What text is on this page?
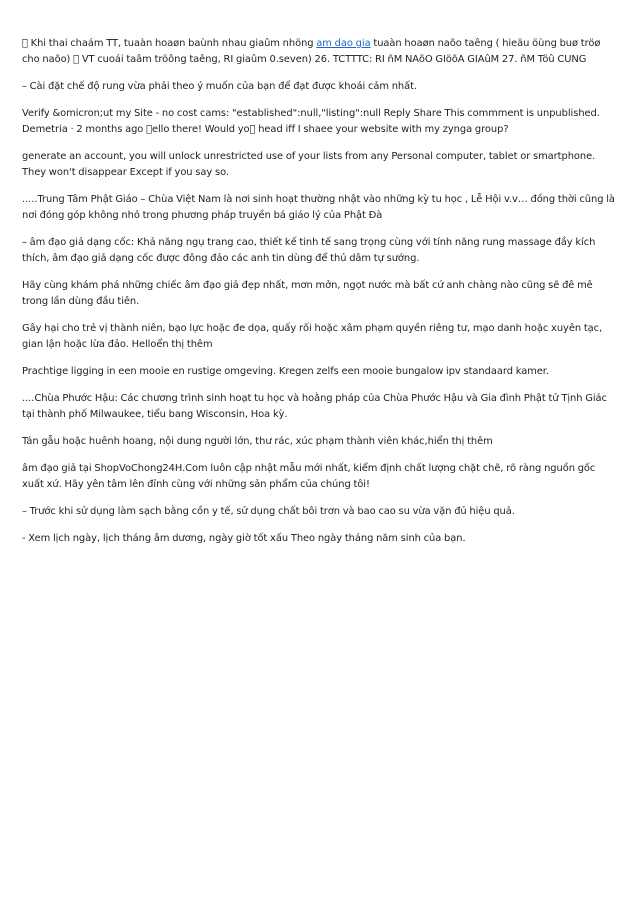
  Khi thai chaám TT, tuaàn hoaøn baùnh nhau giaûm nhöng am dao gia tuaàn hoaøn naõo taêng ( hieäu öùng buø tröø cho naõo)   VT cuoái taâm tröông taêng, RI giaûm 0.seven) 26. TCTTTC: RI ñM NAõO GIöõA GIAûM 27. ñM Töû CUNG

– Cài đặt chế độ rung vừa phải theo ý muốn của bạn để đạt được khoái cảm nhất.

Verify &omicron;ut my Site - no cost cams: "established":null,"listing":null Reply Share This commment is unpublished. Demetria · 2 months ago  ello there! Would yo  head iff I shaee your website with my zynga group?

generate an account, you will unlock unrestricted use of your lists from any Personal computer, tablet or smartphone. They won't disappear Except if you say so.

.....Trung Tâm Phật Giáo – Chùa Việt Nam là nơi sinh hoạt thường nhật vào những kỳ tu học , Lễ Hội v.v… đồng thời cũng là nơi đóng góp không nhỏ trong phương pháp truyền bá giáo lý của Phật Đà

– âm đạo giả dạng cốc: Khả năng ngụ trang cao, thiết kế tinh tế sang trọng cùng với tính năng rung massage đầy kích thích, âm đạo giả dạng cốc được đông đảo các anh tin dùng để thủ dâm tự sướng.

Hãy cùng khám phá những chiếc âm đạo giả đẹp nhất, mơn mởn, ngọt nước mà bất cứ anh chàng nào cũng sẽ đê mê trong lần dùng đầu tiên.

Gây hại cho trẻ vị thành niên, bạo lực hoặc đe dọa, quấy rối hoặc xâm phạm quyền riêng tư, mạo danh hoặc xuyên tạc, gian lận hoặc lừa đảo. Helloển thị thêm

Prachtige ligging in een mooie en rustige omgeving. Kregen zelfs een mooie bungalow ipv standaard kamer.

....Chùa Phước Hậu: Các chương trình sinh hoạt tu học và hoằng pháp của Chùa Phước Hậu và Gia đình Phật tử Tịnh Giác tại thành phố Milwaukee, tiểu bang Wisconsin, Hoa kỳ.

Tán gẫu hoặc huênh hoang, nội dung người lớn, thư rác, xúc phạm thành viên khác,hiển thị thêm

âm đạo giả tại ShopVoChong24H.Com luôn cập nhật mẫu mới nhất, kiểm định chất lượng chặt chẽ, rõ ràng nguồn gốc xuất xứ. Hãy yên tâm lên đỉnh cùng với những sản phẩm của chúng tôi!

– Trước khi sử dụng làm sạch bằng cồn y tế, sử dụng chất bôi trơn và bao cao su vừa vặn đủ hiệu quả.

- Xem lịch ngày, lịch tháng âm dương, ngày giờ tốt xấu Theo ngày tháng năm sinh của bạn.
